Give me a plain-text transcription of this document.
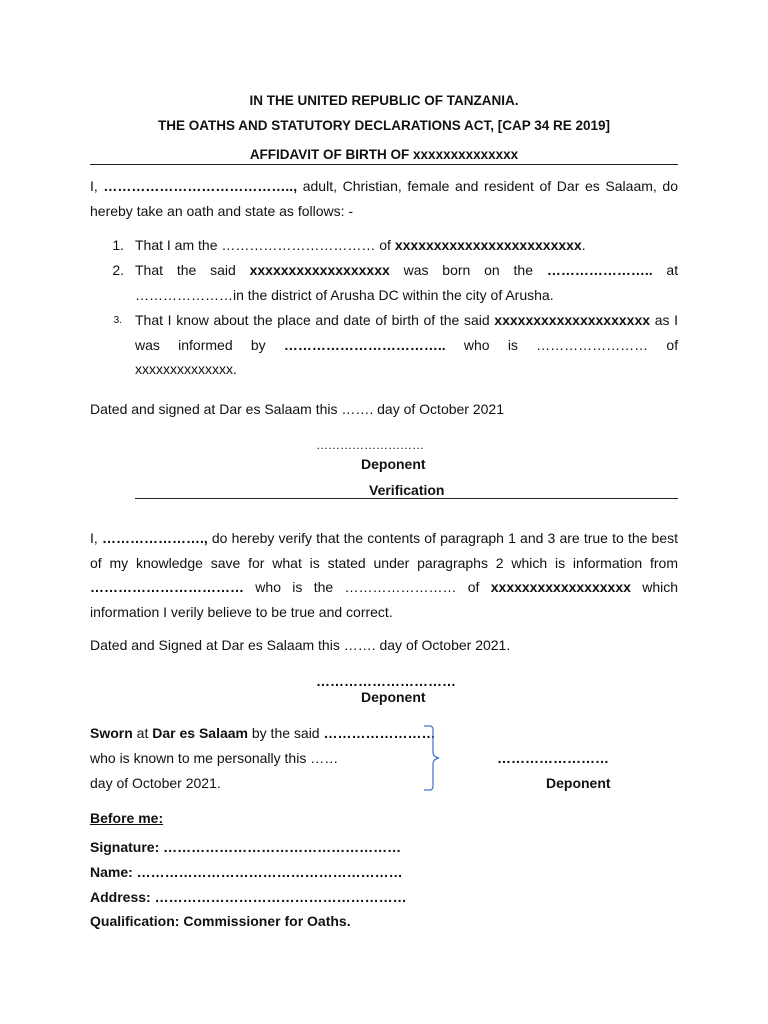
IN THE UNITED REPUBLIC OF TANZANIA.
THE OATHS AND STATUTORY DECLARATIONS ACT, [CAP 34 RE 2019]
AFFIDAVIT OF BIRTH OF xxxxxxxxxxxxxx
I, ………………………………….., adult, Christian, female and resident of Dar es Salaam, do
hereby take an oath and state as follows: -
1. That I am the …………………………… of xxxxxxxxxxxxxxxxxxxxxxxx.
2. That the said xxxxxxxxxxxxxxxxxx was born on the ………………….. at
…………………in the district of Arusha DC within the city of Arusha.
3. That I know about the place and date of birth of the said xxxxxxxxxxxxxxxxxxxx as I
was informed by …………………………….. who is …………………… of
xxxxxxxxxxxxxx.
Dated and signed at Dar es Salaam this ……. day of October 2021
………………………
Deponent
Verification
I, …………………., do hereby verify that the contents of paragraph 1 and 3 are true to the best
of my knowledge save for what is stated under paragraphs 2 which is information from
…………………………… who is the …………………… of xxxxxxxxxxxxxxxxxx which
information I verily believe to be true and correct.
Dated and Signed at Dar es Salaam this ……. day of October 2021.
…………………………
Deponent
Sworn at Dar es Salaam by the said ……………………
who is known to me personally this ……
day of October 2021.
……………………
Deponent
Before me:
Signature: ……………………………………………
Name: …………………………………………………
Address: ………………………………………………
Qualification: Commissioner for Oaths.
